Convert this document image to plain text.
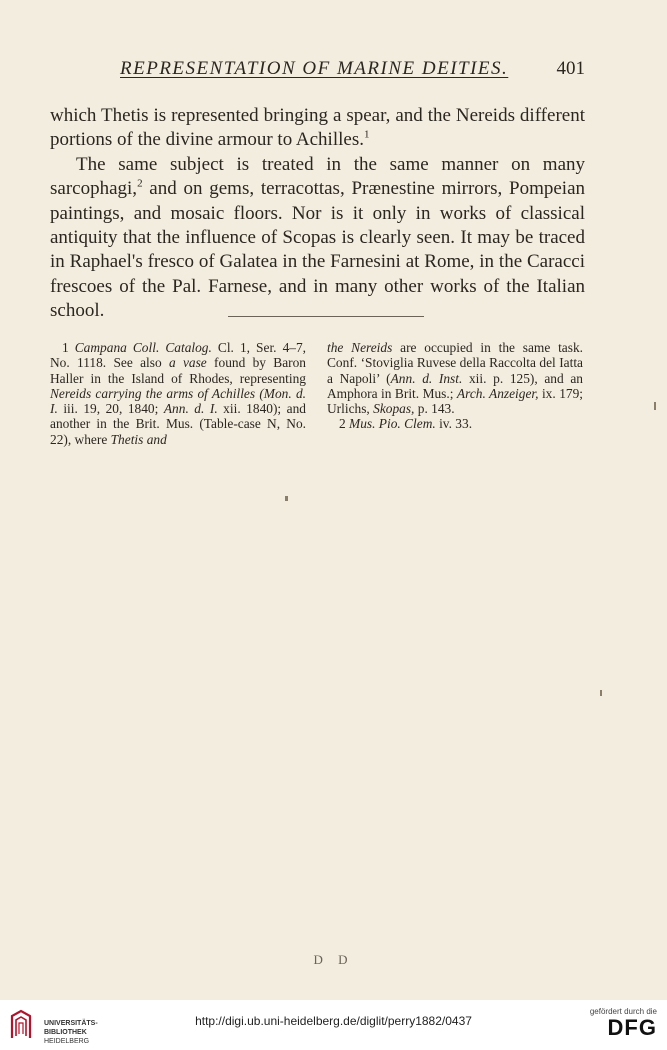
REPRESENTATION OF MARINE DEITIES.	401

which Thetis is represented bringing a spear, and the Nereids different portions of the divine armour to Achilles.$^1$

The same subject is treated in the same manner on many sarcophagi,$^2$ and on gems, terracottas, Prænestine mirrors, Pompeian paintings, and mosaic floors. Nor is it only in works of classical antiquity that the influence of Scopas is clearly seen. It may be traced in Raphael's fresco of Galatea in the Farnesini at Rome, in the Caracci frescoes of the Pal. Farnese, and in many other works of the Italian school.

1 Campana Coll. Catalog. Cl. 1, Ser. 4–7, No. 1118. See also a vase found by Baron Haller in the Island of Rhodes, representing Nereids carrying the arms of Achilles (Mon. d. I. iii. 19, 20, 1840; Ann. d. I. xii. 1840); and another in the Brit. Mus. (Table-case N, No. 22), where Thetis and

the Nereids are occupied in the same task. Conf. ‘Stoviglia Ruvese della Raccolta del Iatta a Napoli’ (Ann. d. Inst. xii. p. 125), and an Amphora in Brit. Mus.; Arch. Anzeiger, ix. 179; Urlichs, Skopas, p. 143.

2 Mus. Pio. Clem. iv. 33.

D D
UNIVERSITÄTS-
BIBLIOTHEK
HEIDELBERG
http://digi.ub.uni-heidelberg.de/diglit/perry1882/0437
gefördert durch die
DFG
